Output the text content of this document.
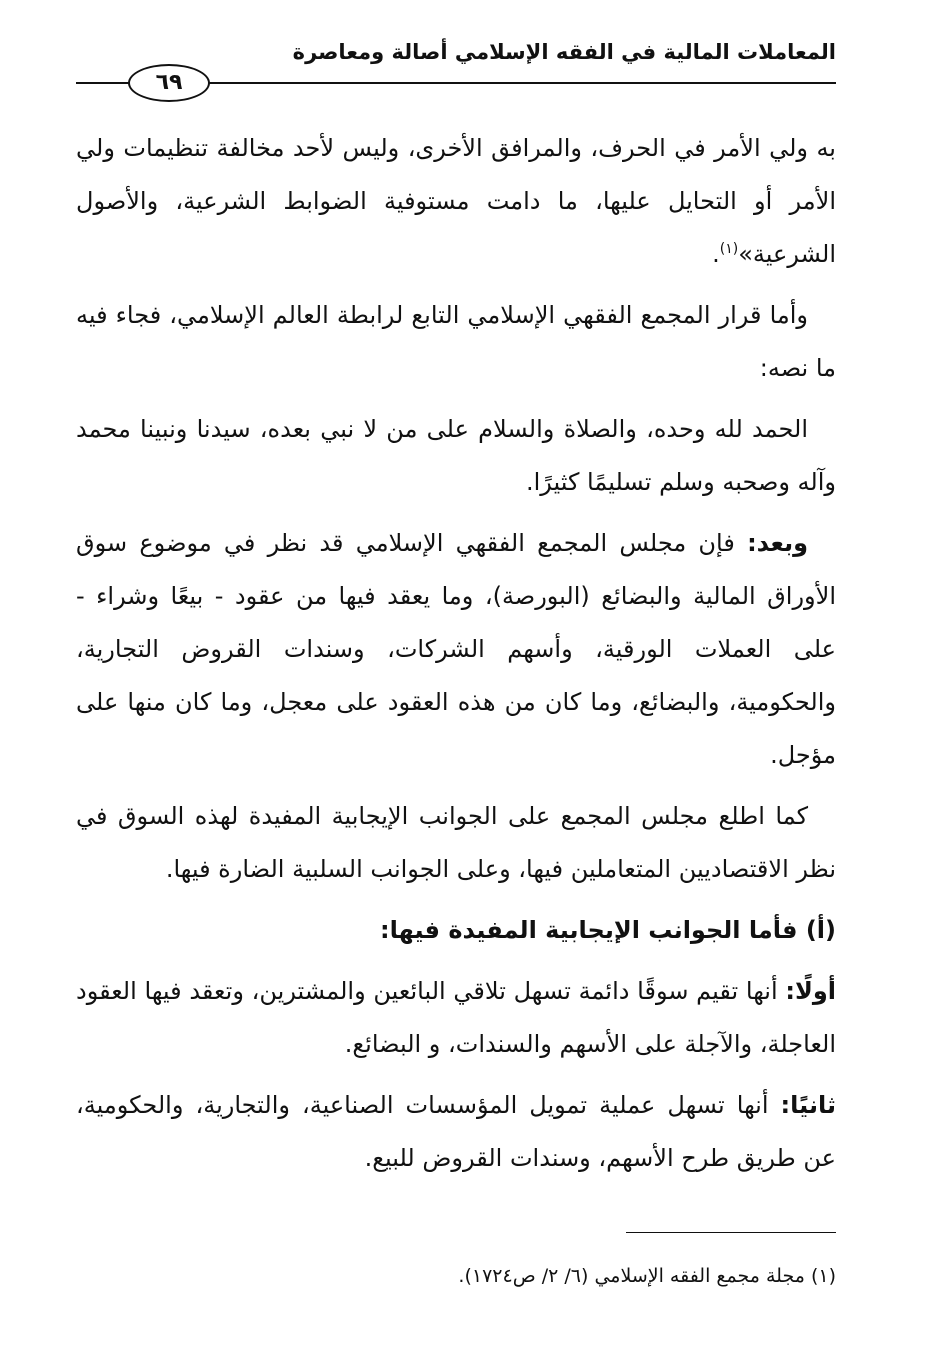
المعاملات المالية في الفقه الإسلامي أصالة ومعاصرة
٦٩

به ولي الأمر في الحرف، والمرافق الأخرى، وليس لأحد مخالفة تنظيمات ولي الأمر أو التحايل عليها، ما دامت مستوفية الضوابط الشرعية، والأصول الشرعية»$^{(١)}$.

وأما قرار المجمع الفقهي الإسلامي التابع لرابطة العالم الإسلامي، فجاء فيه ما نصه:

الحمد لله وحده، والصلاة والسلام على من لا نبي بعده، سيدنا ونبينا محمد وآله وصحبه وسلم تسليمًا كثيرًا.

وبعد: فإن مجلس المجمع الفقهي الإسلامي قد نظر في موضوع سوق الأوراق المالية والبضائع (البورصة)، وما يعقد فيها من عقود - بيعًا وشراء - على العملات الورقية، وأسهم الشركات، وسندات القروض التجارية، والحكومية، والبضائع، وما كان من هذه العقود على معجل، وما كان منها على مؤجل.

كما اطلع مجلس المجمع على الجوانب الإيجابية المفيدة لهذه السوق في نظر الاقتصاديين المتعاملين فيها، وعلى الجوانب السلبية الضارة فيها.

(أ) فأما الجوانب الإيجابية المفيدة فيها:

أولًا: أنها تقيم سوقًا دائمة تسهل تلاقي البائعين والمشترين، وتعقد فيها العقود العاجلة، والآجلة على الأسهم والسندات، و البضائع.

ثانيًا: أنها تسهل عملية تمويل المؤسسات الصناعية، والتجارية، والحكومية، عن طريق طرح الأسهم، وسندات القروض للبيع.

(١) مجلة مجمع الفقه الإسلامي (٦/ ٢/ ص١٧٢٤).
